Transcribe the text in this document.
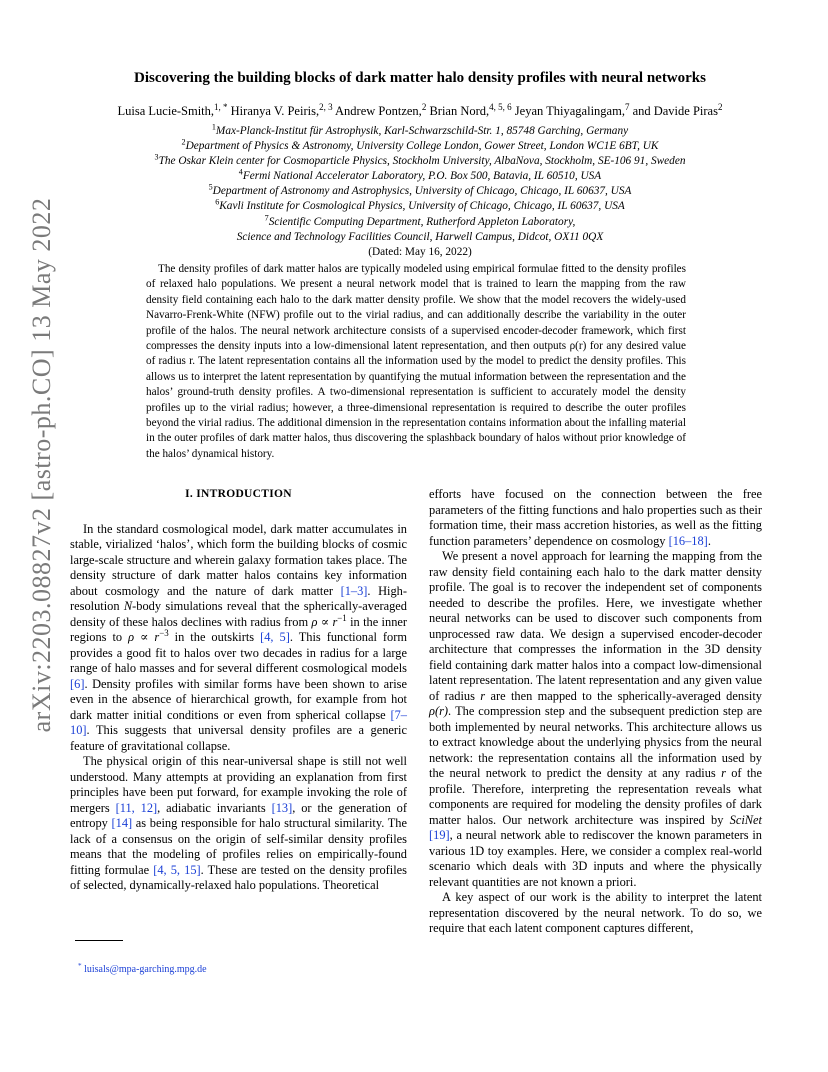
arXiv:2203.08827v2 [astro-ph.CO] 13 May 2022
Discovering the building blocks of dark matter halo density profiles with neural networks
Luisa Lucie-Smith,$^{1, *}$ Hiranya V. Peiris,$^{2, 3}$ Andrew Pontzen,$^2$ Brian Nord,$^{4, 5, 6}$ Jeyan Thiyagalingam,$^7$ and Davide Piras$^2$
$^1$Max-Planck-Institut für Astrophysik, Karl-Schwarzschild-Str. 1, 85748 Garching, Germany
$^2$Department of Physics & Astronomy, University College London, Gower Street, London WC1E 6BT, UK
$^3$The Oskar Klein center for Cosmoparticle Physics, Stockholm University, AlbaNova, Stockholm, SE-106 91, Sweden
$^4$Fermi National Accelerator Laboratory, P.O. Box 500, Batavia, IL 60510, USA
$^5$Department of Astronomy and Astrophysics, University of Chicago, Chicago, IL 60637, USA
$^6$Kavli Institute for Cosmological Physics, University of Chicago, Chicago, IL 60637, USA
$^7$Scientific Computing Department, Rutherford Appleton Laboratory,
Science and Technology Facilities Council, Harwell Campus, Didcot, OX11 0QX
(Dated: May 16, 2022)

The density profiles of dark matter halos are typically modeled using empirical formulae fitted to the density profiles of relaxed halo populations. We present a neural network model that is trained to learn the mapping from the raw density field containing each halo to the dark matter density profile. We show that the model recovers the widely-used Navarro-Frenk-White (NFW) profile out to the virial radius, and can additionally describe the variability in the outer profile of the halos. The neural network architecture consists of a supervised encoder-decoder framework, which first compresses the density inputs into a low-dimensional latent representation, and then outputs ρ(r) for any desired value of radius r. The latent representation contains all the information used by the model to predict the density profiles. This allows us to interpret the latent representation by quantifying the mutual information between the representation and the halos’ ground-truth density profiles. A two-dimensional representation is sufficient to accurately model the density profiles up to the virial radius; however, a three-dimensional representation is required to describe the outer profiles beyond the virial radius. The additional dimension in the representation contains information about the infalling material in the outer profiles of dark matter halos, thus discovering the splashback boundary of halos without prior knowledge of the halos’ dynamical history.

I. INTRODUCTION

In the standard cosmological model, dark matter accumulates in stable, virialized ‘halos’, which form the building blocks of cosmic large-scale structure and wherein galaxy formation takes place. The density structure of dark matter halos contains key information about cosmology and the nature of dark matter [1–3]. High-resolution N-body simulations reveal that the spherically-averaged density of these halos declines with radius from $\rho \propto r^{-1}$ in the inner regions to $\rho \propto r^{-3}$ in the outskirts [4, 5]. This functional form provides a good fit to halos over two decades in radius for a large range of halo masses and for several different cosmological models [6]. Density profiles with similar forms have been shown to arise even in the absence of hierarchical growth, for example from hot dark matter initial conditions or even from spherical collapse [7–10]. This suggests that universal density profiles are a generic feature of gravitational collapse.

The physical origin of this near-universal shape is still not well understood. Many attempts at providing an explanation from first principles have been put forward, for example invoking the role of mergers [11, 12], adiabatic invariants [13], or the generation of entropy [14] as being responsible for halo structural similarity. The lack of a consensus on the origin of self-similar density profiles means that the modeling of profiles relies on empirically-found fitting formulae [4, 5, 15]. These are tested on the density profiles of selected, dynamically-relaxed halo populations. Theoretical

efforts have focused on the connection between the free parameters of the fitting functions and halo properties such as their formation time, their mass accretion histories, as well as the fitting function parameters’ dependence on cosmology [16–18].

We present a novel approach for learning the mapping from the raw density field containing each halo to the dark matter density profile. The goal is to recover the independent set of components needed to describe the profiles. Here, we investigate whether neural networks can be used to discover such components from unprocessed raw data. We design a supervised encoder-decoder architecture that compresses the information in the 3D density field containing dark matter halos into a compact low-dimensional latent representation. The latent representation and any given value of radius r are then mapped to the spherically-averaged density ρ(r). The compression step and the subsequent prediction step are both implemented by neural networks. This architecture allows us to extract knowledge about the underlying physics from the neural network: the representation contains all the information used by the neural network to predict the density at any radius r of the profile. Therefore, interpreting the representation reveals what components are required for modeling the density profiles of dark matter halos. Our network architecture was inspired by SciNet [19], a neural network able to rediscover the known parameters in various 1D toy examples. Here, we consider a complex real-world scenario which deals with 3D inputs and where the physically relevant quantities are not known a priori.

A key aspect of our work is the ability to interpret the latent representation discovered by the neural network. To do so, we require that each latent component captures different,

* luisals@mpa-garching.mpg.de
